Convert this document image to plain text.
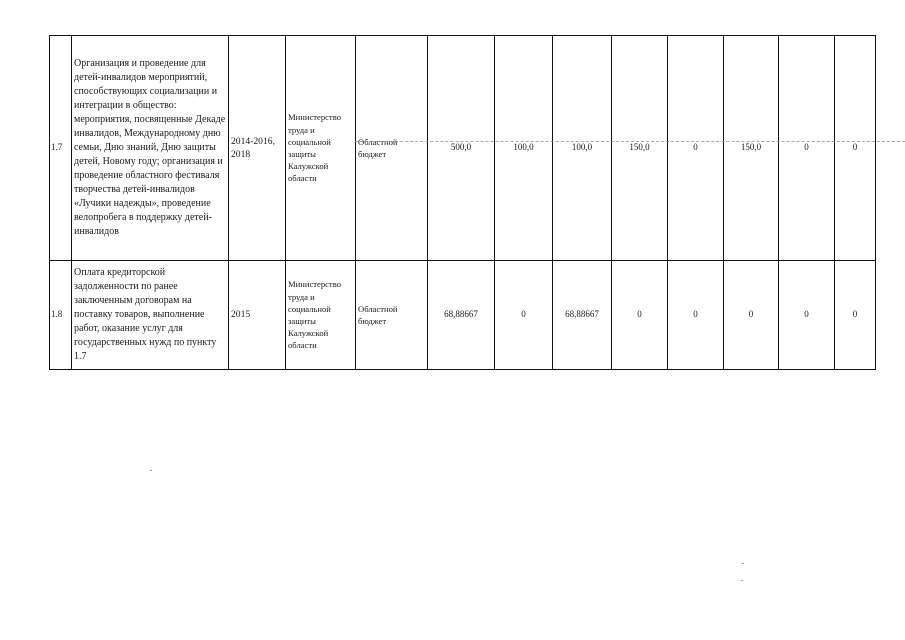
1.7	Организация и проведение для детей-инвалидов мероприятий, способствующих социализации и интеграции в общество: мероприятия, посвященные Декаде инвалидов, Международному дню семьи, Дню знаний, Дню защиты детей, Новому году; организация и проведение областного фестиваля творчества детей-инвалидов «Лучики надежды», проведение велопробега в поддержку детей-инвалидов	2014-2016, 2018	Министерство труда и социальной защиты Калужской области	Областной бюджет	500,0	100,0	100,0	150,0	0	150,0	0	0
1.8	Оплата кредиторской задолженности по ранее заключенным договорам на поставку товаров, выполнение работ, оказание услуг для государственных нужд по пункту 1.7	2015	Министерство труда и социальной защиты Калужской области	Областной бюджет	68,88667	0	68,88667	0	0	0	0	0
